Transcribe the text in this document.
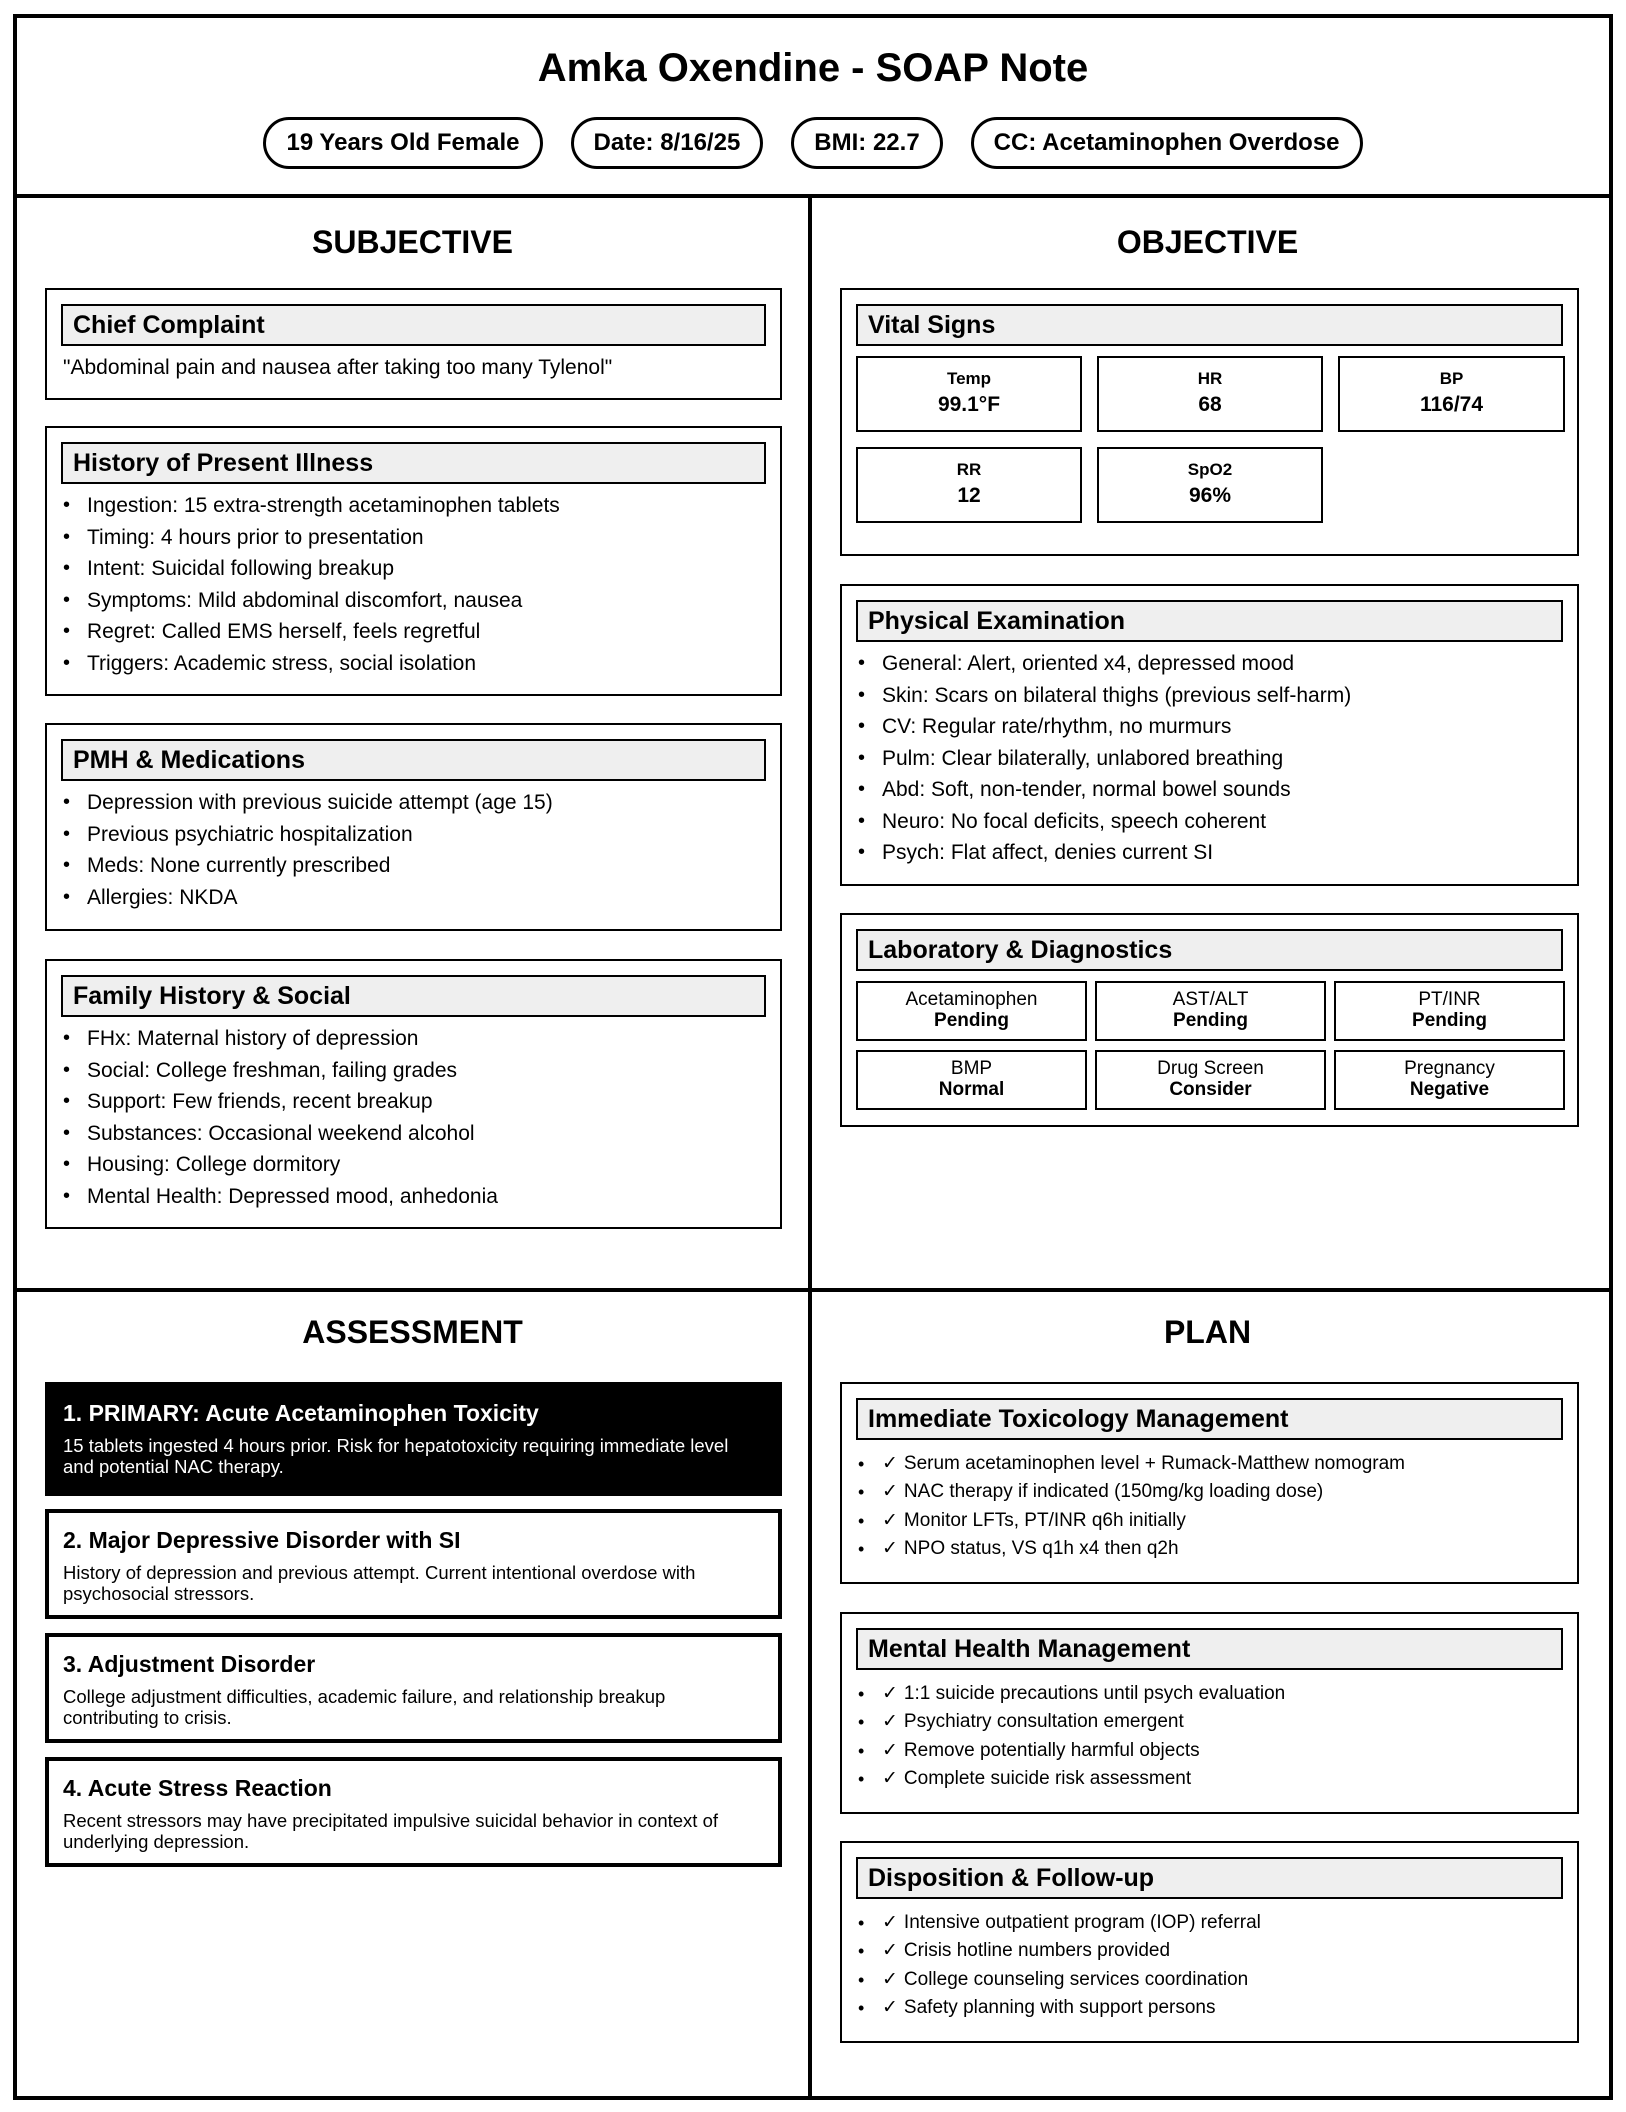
Amka Oxendine - SOAP Note
19 Years Old Female	Date: 8/16/25	BMI: 22.7	CC: Acetaminophen Overdose
SUBJECTIVE
Chief Complaint
"Abdominal pain and nausea after taking too many Tylenol"
History of Present Illness
• Ingestion: 15 extra-strength acetaminophen tablets
• Timing: 4 hours prior to presentation
• Intent: Suicidal following breakup
• Symptoms: Mild abdominal discomfort, nausea
• Regret: Called EMS herself, feels regretful
• Triggers: Academic stress, social isolation
PMH & Medications
• Depression with previous suicide attempt (age 15)
• Previous psychiatric hospitalization
• Meds: None currently prescribed
• Allergies: NKDA
Family History & Social
• FHx: Maternal history of depression
• Social: College freshman, failing grades
• Support: Few friends, recent breakup
• Substances: Occasional weekend alcohol
• Housing: College dormitory
• Mental Health: Depressed mood, anhedonia
OBJECTIVE
Vital Signs
Temp
99.1°F
HR
68
BP
116/74
RR
12
SpO2
96%
Physical Examination
• General: Alert, oriented x4, depressed mood
• Skin: Scars on bilateral thighs (previous self-harm)
• CV: Regular rate/rhythm, no murmurs
• Pulm: Clear bilaterally, unlabored breathing
• Abd: Soft, non-tender, normal bowel sounds
• Neuro: No focal deficits, speech coherent
• Psych: Flat affect, denies current SI
Laboratory & Diagnostics
Acetaminophen
Pending
AST/ALT
Pending
PT/INR
Pending
BMP
Normal
Drug Screen
Consider
Pregnancy
Negative
ASSESSMENT
1. PRIMARY: Acute Acetaminophen Toxicity
15 tablets ingested 4 hours prior. Risk for hepatotoxicity requiring immediate level and potential NAC therapy.
2. Major Depressive Disorder with SI
History of depression and previous attempt. Current intentional overdose with psychosocial stressors.
3. Adjustment Disorder
College adjustment difficulties, academic failure, and relationship breakup contributing to crisis.
4. Acute Stress Reaction
Recent stressors may have precipitated impulsive suicidal behavior in context of underlying depression.
PLAN
Immediate Toxicology Management
• ✓ Serum acetaminophen level + Rumack-Matthew nomogram
• ✓ NAC therapy if indicated (150mg/kg loading dose)
• ✓ Monitor LFTs, PT/INR q6h initially
• ✓ NPO status, VS q1h x4 then q2h
Mental Health Management
• ✓ 1:1 suicide precautions until psych evaluation
• ✓ Psychiatry consultation emergent
• ✓ Remove potentially harmful objects
• ✓ Complete suicide risk assessment
Disposition & Follow-up
• ✓ Intensive outpatient program (IOP) referral
• ✓ Crisis hotline numbers provided
• ✓ College counseling services coordination
• ✓ Safety planning with support persons
